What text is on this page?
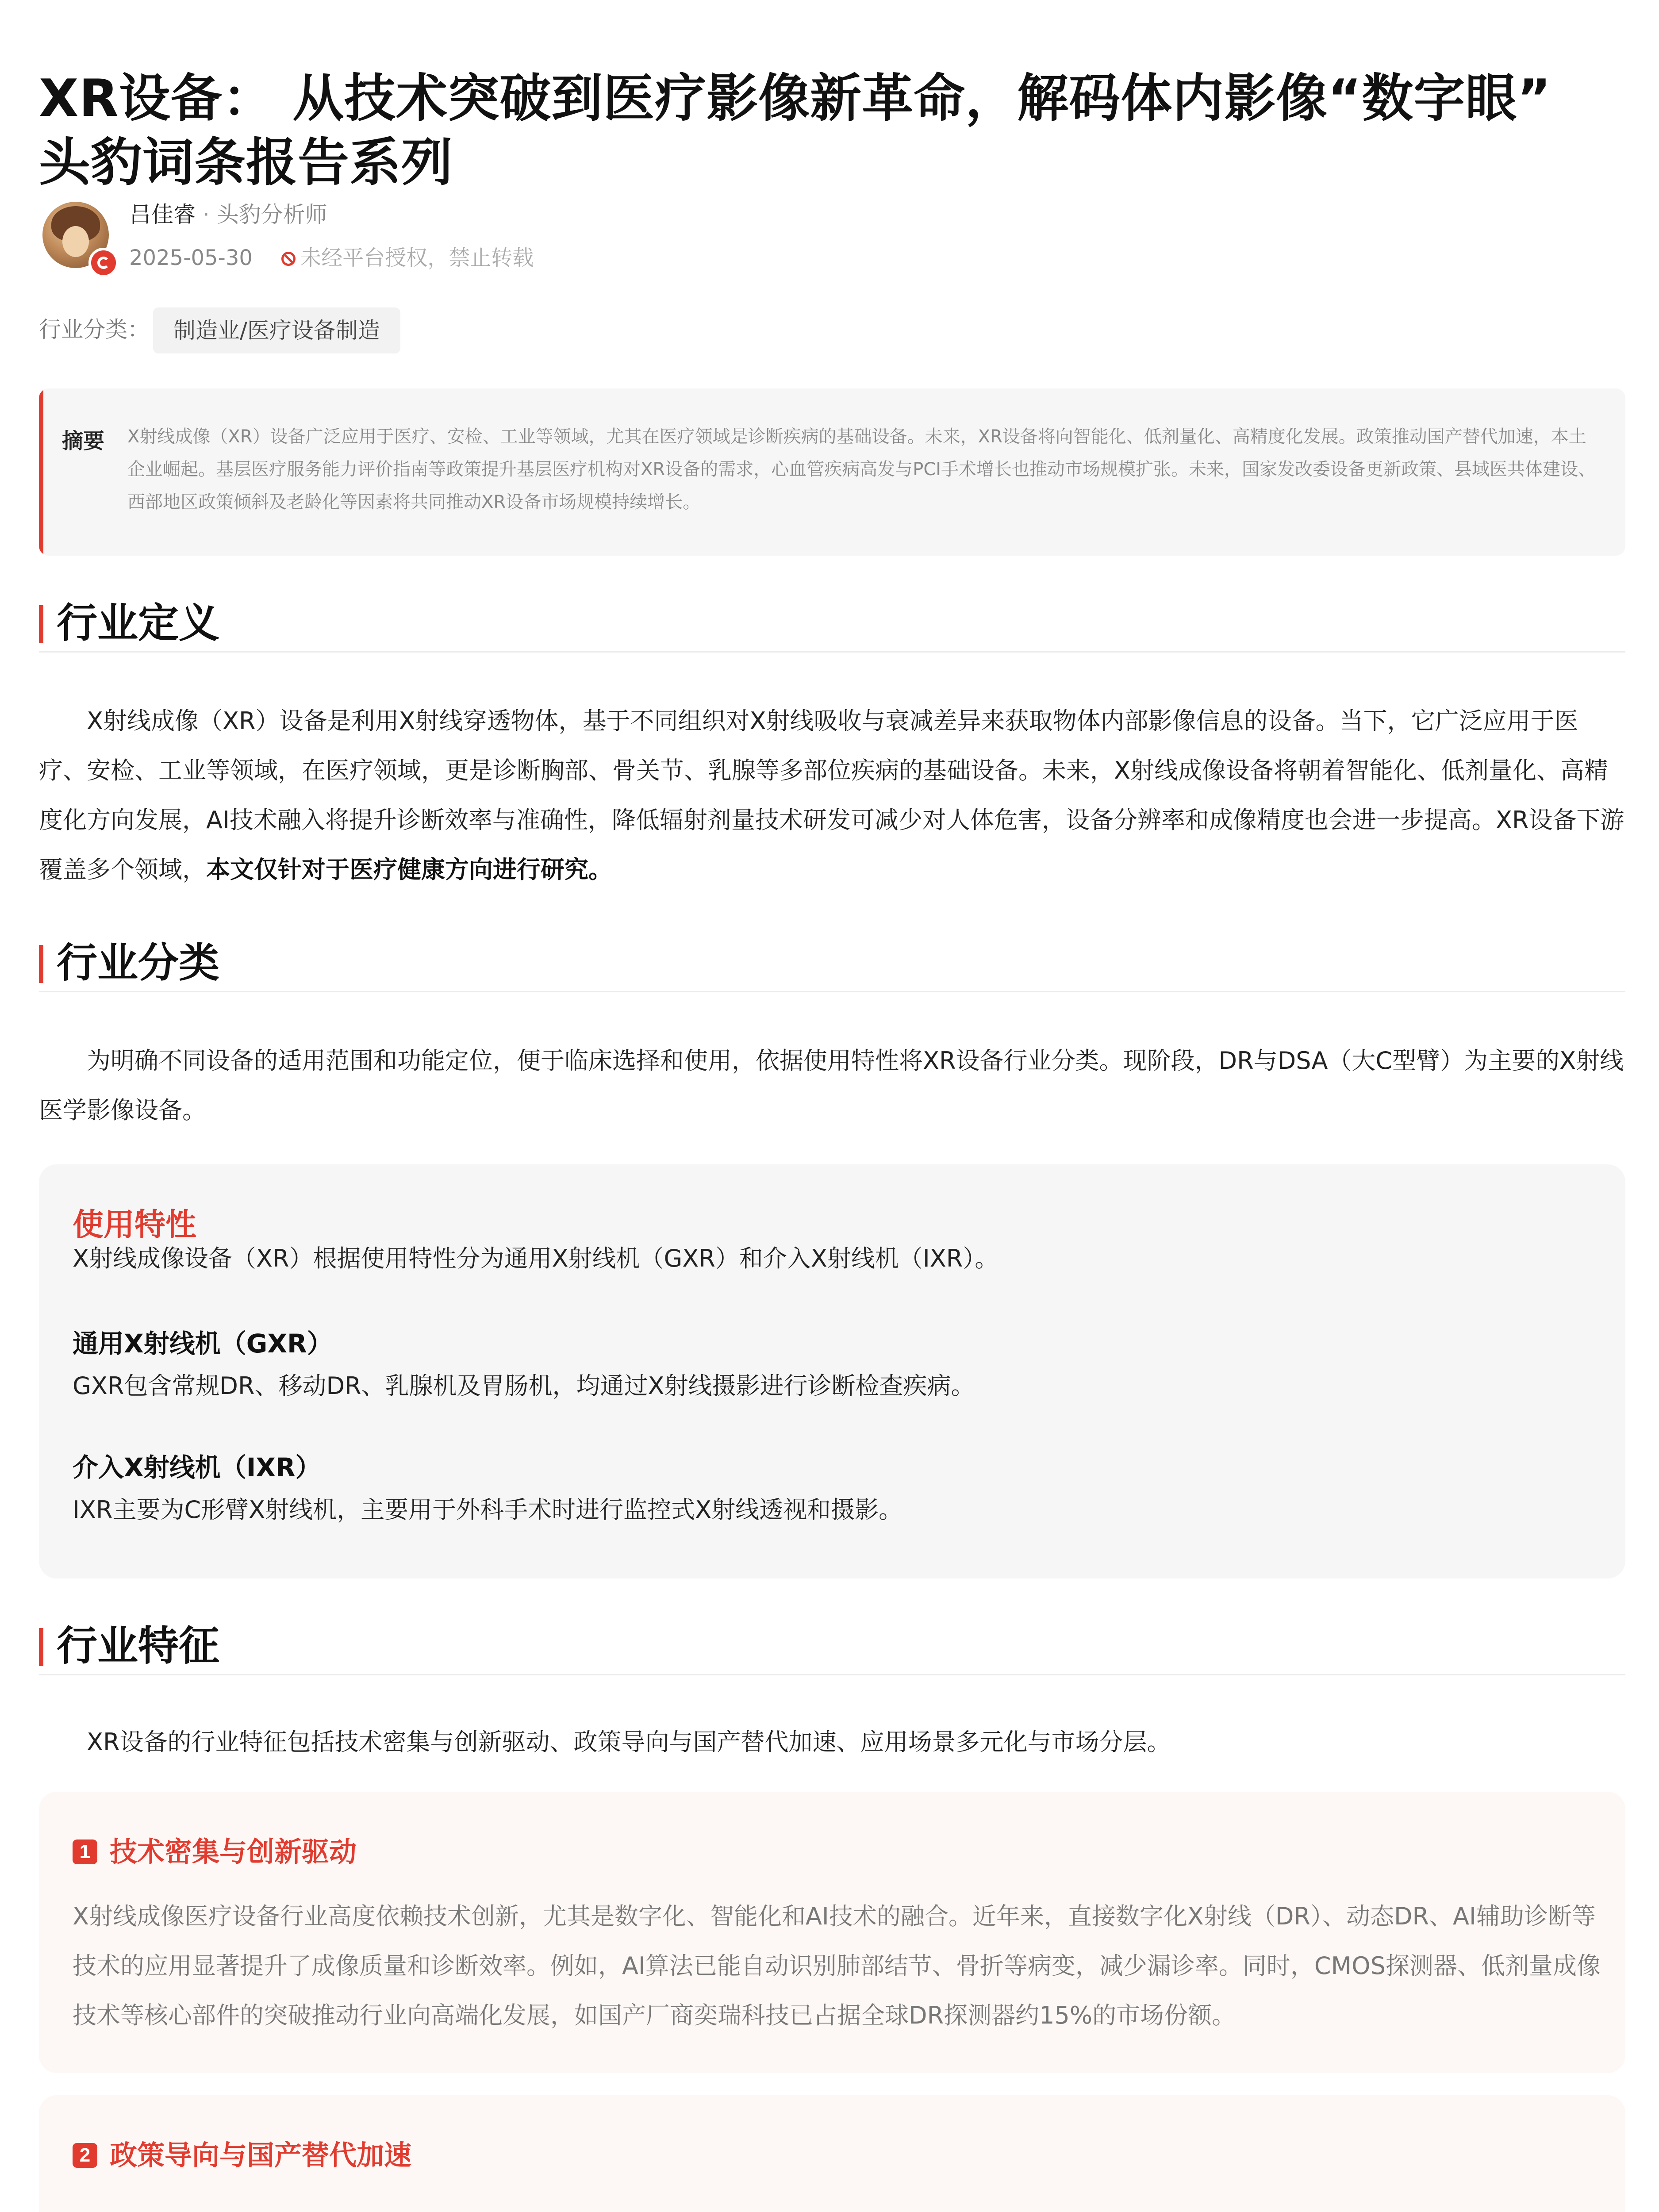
XR设备： 从技术突破到医疗影像新革命，解码体内影像“数字眼”
头豹词条报告系列
吕佳睿 · 头豹分析师
2025-05-30 未经平台授权，禁止转载
行业分类：	制造业/医疗设备制造
摘要 X射线成像（XR）设备广泛应用于医疗、安检、工业等领域，尤其在医疗领域是诊断疾病的基础设备。未来，XR设备将向智能化、低剂量化、高精度化发展。政策推动国产替代加速，本土企业崛起。基层医疗服务能力评价指南等政策提升基层医疗机构对XR设备的需求，心血管疾病高发与PCI手术增长也推动市场规模扩张。未来，国家发改委设备更新政策、县域医共体建设、西部地区政策倾斜及老龄化等因素将共同推动XR设备市场规模持续增长。
行业定义
X射线成像（XR）设备是利用X射线穿透物体，基于不同组织对X射线吸收与衰减差异来获取物体内部影像信息的设备。当下，它广泛应用于医疗、安检、工业等领域，在医疗领域，更是诊断胸部、骨关节、乳腺等多部位疾病的基础设备。未来，X射线成像设备将朝着智能化、低剂量化、高精度化方向发展，AI技术融入将提升诊断效率与准确性，降低辐射剂量技术研发可减少对人体危害，设备分辨率和成像精度也会进一步提高。XR设备下游覆盖多个领域，本文仅针对于医疗健康方向进行研究。
行业分类
为明确不同设备的适用范围和功能定位，便于临床选择和使用，依据使用特性将XR设备行业分类。现阶段，DR与DSA（大C型臂）为主要的X射线医学影像设备。
使用特性
X射线成像设备（XR）根据使用特性分为通用X射线机（GXR）和介入X射线机（IXR）。
通用X射线机（GXR）
GXR包含常规DR、移动DR、乳腺机及胃肠机，均通过X射线摄影进行诊断检查疾病。
介入X射线机（IXR）
IXR主要为C形臂X射线机，主要用于外科手术时进行监控式X射线透视和摄影。
行业特征
XR设备的行业特征包括技术密集与创新驱动、政策导向与国产替代加速、应用场景多元化与市场分层。
1 技术密集与创新驱动
X射线成像医疗设备行业高度依赖技术创新，尤其是数字化、智能化和AI技术的融合。近年来，直接数字化X射线（DR）、动态DR、AI辅助诊断等技术的应用显著提升了成像质量和诊断效率。例如，AI算法已能自动识别肺部结节、骨折等病变，减少漏诊率。同时，CMOS探测器、低剂量成像技术等核心部件的突破推动行业向高端化发展，如国产厂商奕瑞科技已占据全球DR探测器约15%的市场份额。
2 政策导向与国产替代加速
